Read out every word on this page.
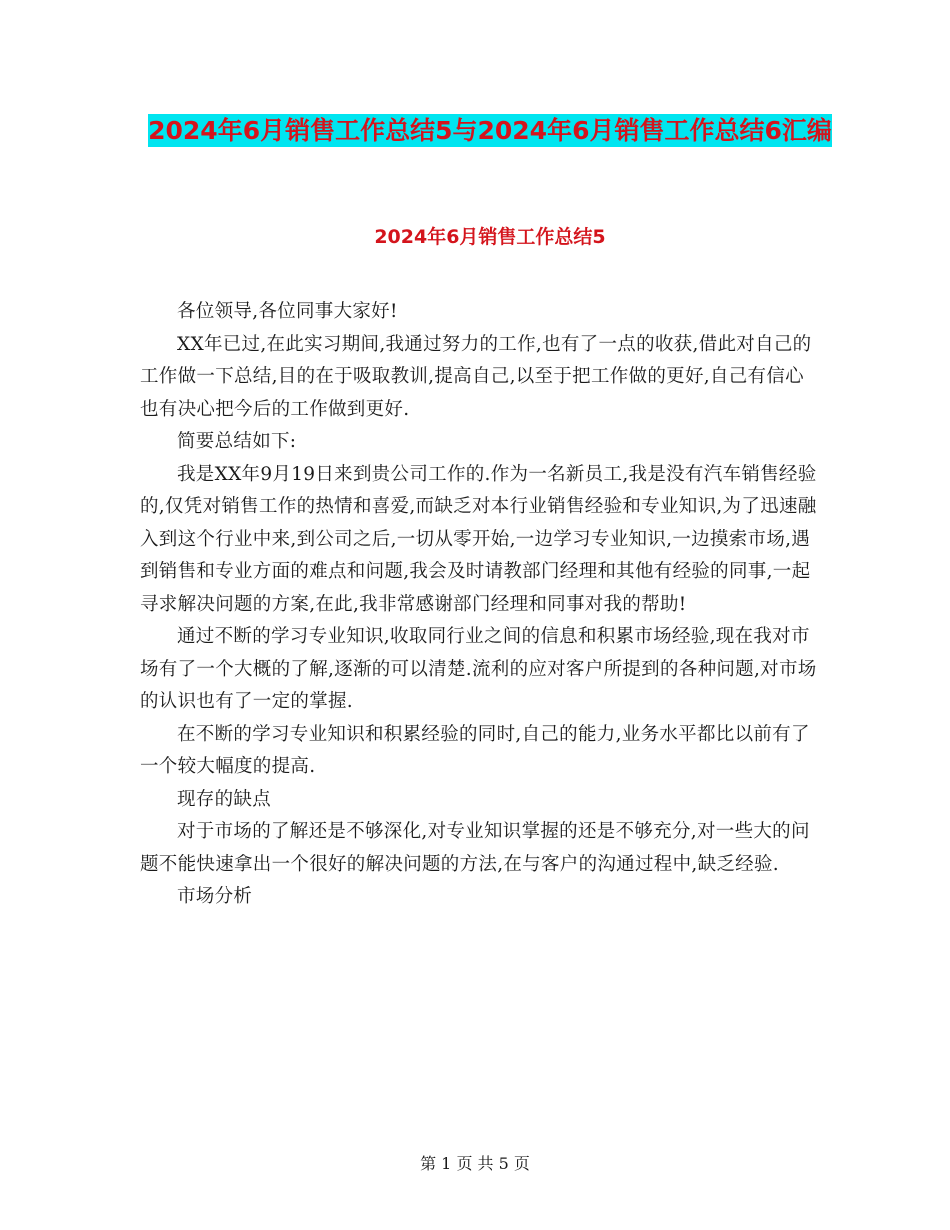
2024年6月销售工作总结5与2024年6月销售工作总结6汇编
2024年6月销售工作总结5

各位领导,各位同事大家好!

XX年已过,在此实习期间,我通过努力的工作,也有了一点的收获,借此对自己的工作做一下总结,目的在于吸取教训,提高自己,以至于把工作做的更好,自己有信心也有决心把今后的工作做到更好.

简要总结如下:

我是XX年9月19日来到贵公司工作的.作为一名新员工,我是没有汽车销售经验的,仅凭对销售工作的热情和喜爱,而缺乏对本行业销售经验和专业知识,为了迅速融入到这个行业中来,到公司之后,一切从零开始,一边学习专业知识,一边摸索市场,遇到销售和专业方面的难点和问题,我会及时请教部门经理和其他有经验的同事,一起寻求解决问题的方案,在此,我非常感谢部门经理和同事对我的帮助!

通过不断的学习专业知识,收取同行业之间的信息和积累市场经验,现在我对市场有了一个大概的了解,逐渐的可以清楚.流利的应对客户所提到的各种问题,对市场的认识也有了一定的掌握.

在不断的学习专业知识和积累经验的同时,自己的能力,业务水平都比以前有了一个较大幅度的提高.

现存的缺点

对于市场的了解还是不够深化,对专业知识掌握的还是不够充分,对一些大的问题不能快速拿出一个很好的解决问题的方法,在与客户的沟通过程中,缺乏经验.

市场分析

第 1 页 共 5 页
